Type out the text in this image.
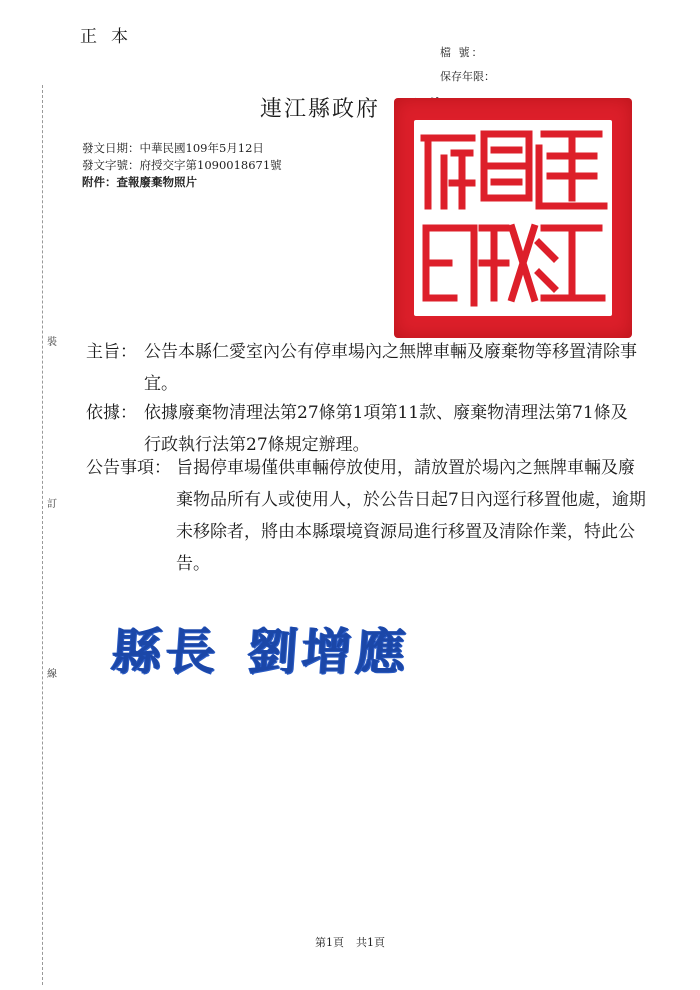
正本
檔 號：
保存年限：
連江縣政府
發文日期：中華民國109年5月12日
發文字號：府授交字第1090018671號
附件：查報廢棄物照片
裝
訂
線
主旨： 公告本縣仁愛室內公有停車場內之無牌車輛及廢棄物等移置清除事宜。
依據： 依據廢棄物清理法第27條第1項第11款、廢棄物清理法第71條及行政執行法第27條規定辦理。
公告事項： 旨揭停車場僅供車輛停放使用，請放置於場內之無牌車輛及廢棄物品所有人或使用人，於公告日起7日內逕行移置他處，逾期未移除者，將由本縣環境資源局進行移置及清除作業，特此公告。
縣長 劉增應
第1頁 共1頁
